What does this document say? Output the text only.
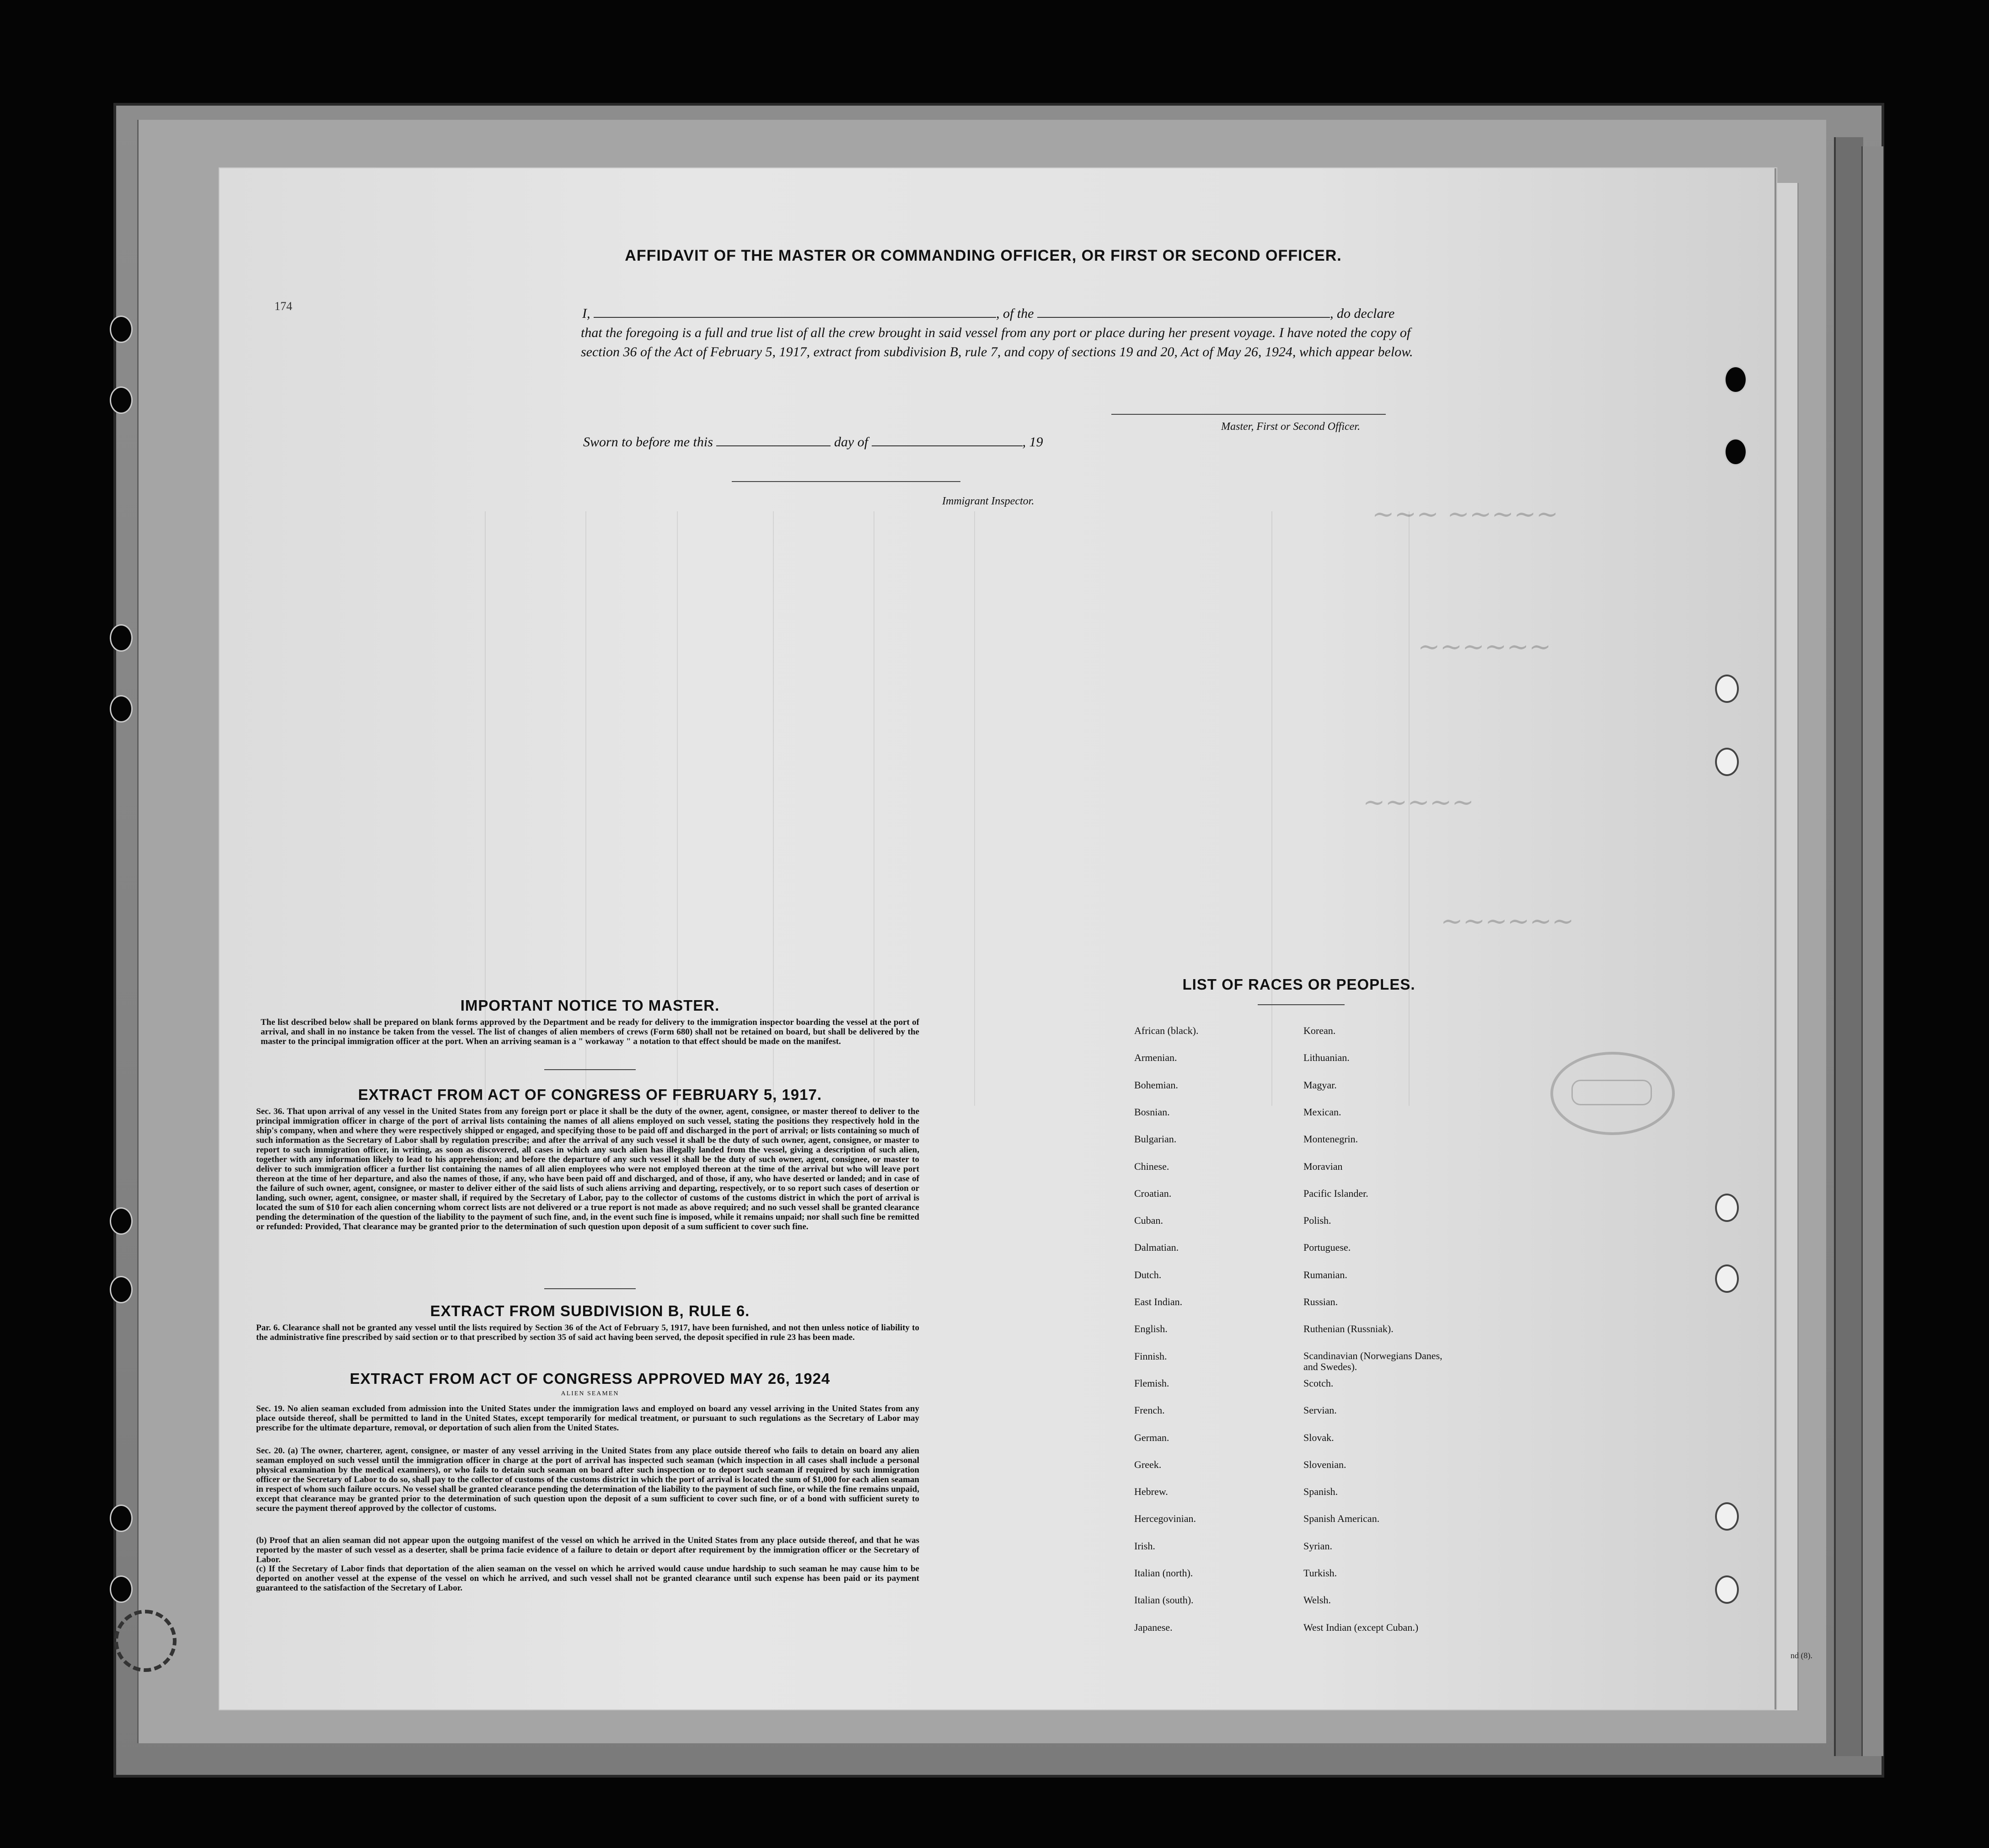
~~~ ~~~~~
~~~~~~
~~~~~
~~~~~~
174
nd (8).
AFFIDAVIT OF THE MASTER OR COMMANDING OFFICER, OR FIRST OR SECOND OFFICER.
I,	, of the	, do declare
that the foregoing is a full and true list of all the crew brought in said vessel from any port or place during her present voyage. I have noted the copy of section 36 of the Act of February 5, 1917, extract from subdivision B, rule 7, and copy of sections 19 and 20, Act of May 26, 1924, which appear below.
Master, First or Second Officer.
Sworn to before me this	day of	, 19
Immigrant Inspector.
IMPORTANT NOTICE TO MASTER.
The list described below shall be prepared on blank forms approved by the Department and be ready for delivery to the immigration inspector boarding the vessel at the port of arrival, and shall in no instance be taken from the vessel. The list of changes of alien members of crews (Form 680) shall not be retained on board, but shall be delivered by the master to the principal immigration officer at the port. When an arriving seaman is a " workaway " a notation to that effect should be made on the manifest.
EXTRACT FROM ACT OF CONGRESS OF FEBRUARY 5, 1917.
Sec. 36. That upon arrival of any vessel in the United States from any foreign port or place it shall be the duty of the owner, agent, consignee, or master thereof to deliver to the principal immigration officer in charge of the port of arrival lists containing the names of all aliens employed on such vessel, stating the positions they respectively hold in the ship's company, when and where they were respectively shipped or engaged, and specifying those to be paid off and discharged in the port of arrival; or lists containing so much of such information as the Secretary of Labor shall by regulation prescribe; and after the arrival of any such vessel it shall be the duty of such owner, agent, consignee, or master to report to such immigration officer, in writing, as soon as discovered, all cases in which any such alien has illegally landed from the vessel, giving a description of such alien, together with any information likely to lead to his apprehension; and before the departure of any such vessel it shall be the duty of such owner, agent, consignee, or master to deliver to such immigration officer a further list containing the names of all alien employees who were not employed thereon at the time of the arrival but who will leave port thereon at the time of her departure, and also the names of those, if any, who have been paid off and discharged, and of those, if any, who have deserted or landed; and in case of the failure of such owner, agent, consignee, or master to deliver either of the said lists of such aliens arriving and departing, respectively, or to so report such cases of desertion or landing, such owner, agent, consignee, or master shall, if required by the Secretary of Labor, pay to the collector of customs of the customs district in which the port of arrival is located the sum of $10 for each alien concerning whom correct lists are not delivered or a true report is not made as above required; and no such vessel shall be granted clearance pending the determination of the question of the liability to the payment of such fine, and, in the event such fine is imposed, while it remains unpaid; nor shall such fine be remitted or refunded: Provided, That clearance may be granted prior to the determination of such question upon deposit of a sum sufficient to cover such fine.
EXTRACT FROM SUBDIVISION B, RULE 6.
Par. 6. Clearance shall not be granted any vessel until the lists required by Section 36 of the Act of February 5, 1917, have been furnished, and not then unless notice of liability to the administrative fine prescribed by said section or to that prescribed by section 35 of said act having been served, the deposit specified in rule 23 has been made.
EXTRACT FROM ACT OF CONGRESS APPROVED MAY 26, 1924
ALIEN SEAMEN
Sec. 19. No alien seaman excluded from admission into the United States under the immigration laws and employed on board any vessel arriving in the United States from any place outside thereof, shall be permitted to land in the United States, except temporarily for medical treatment, or pursuant to such regulations as the Secretary of Labor may prescribe for the ultimate departure, removal, or deportation of such alien from the United States.
Sec. 20. (a) The owner, charterer, agent, consignee, or master of any vessel arriving in the United States from any place outside thereof who fails to detain on board any alien seaman employed on such vessel until the immigration officer in charge at the port of arrival has inspected such seaman (which inspection in all cases shall include a personal physical examination by the medical examiners), or who fails to detain such seaman on board after such inspection or to deport such seaman if required by such immigration officer or the Secretary of Labor to do so, shall pay to the collector of customs of the customs district in which the port of arrival is located the sum of $1,000 for each alien seaman in respect of whom such failure occurs. No vessel shall be granted clearance pending the determination of the liability to the payment of such fine, or while the fine remains unpaid, except that clearance may be granted prior to the determination of such question upon the deposit of a sum sufficient to cover such fine, or of a bond with sufficient surety to secure the payment thereof approved by the collector of customs.
(b) Proof that an alien seaman did not appear upon the outgoing manifest of the vessel on which he arrived in the United States from any place outside thereof, and that he was reported by the master of such vessel as a deserter, shall be prima facie evidence of a failure to detain or deport after requirement by the immigration officer or the Secretary of Labor.
(c) If the Secretary of Labor finds that deportation of the alien seaman on the vessel on which he arrived would cause undue hardship to such seaman he may cause him to be deported on another vessel at the expense of the vessel on which he arrived, and such vessel shall not be granted clearance until such expense has been paid or its payment guaranteed to the satisfaction of the Secretary of Labor.
LIST OF RACES OR PEOPLES.
African (black).
Armenian.
Bohemian.
Bosnian.
Bulgarian.
Chinese.
Croatian.
Cuban.
Dalmatian.
Dutch.
East Indian.
English.
Finnish.
Flemish.
French.
German.
Greek.
Hebrew.
Hercegovinian.
Irish.
Italian (north).
Italian (south).
Japanese.
Korean.
Lithuanian.
Magyar.
Mexican.
Montenegrin.
Moravian
Pacific Islander.
Polish.
Portuguese.
Rumanian.
Russian.
Ruthenian (Russniak).
Scandinavian (Norwegians Danes, and Swedes).
Scotch.
Servian.
Slovak.
Slovenian.
Spanish.
Spanish American.
Syrian.
Turkish.
Welsh.
West Indian (except Cuban.)
